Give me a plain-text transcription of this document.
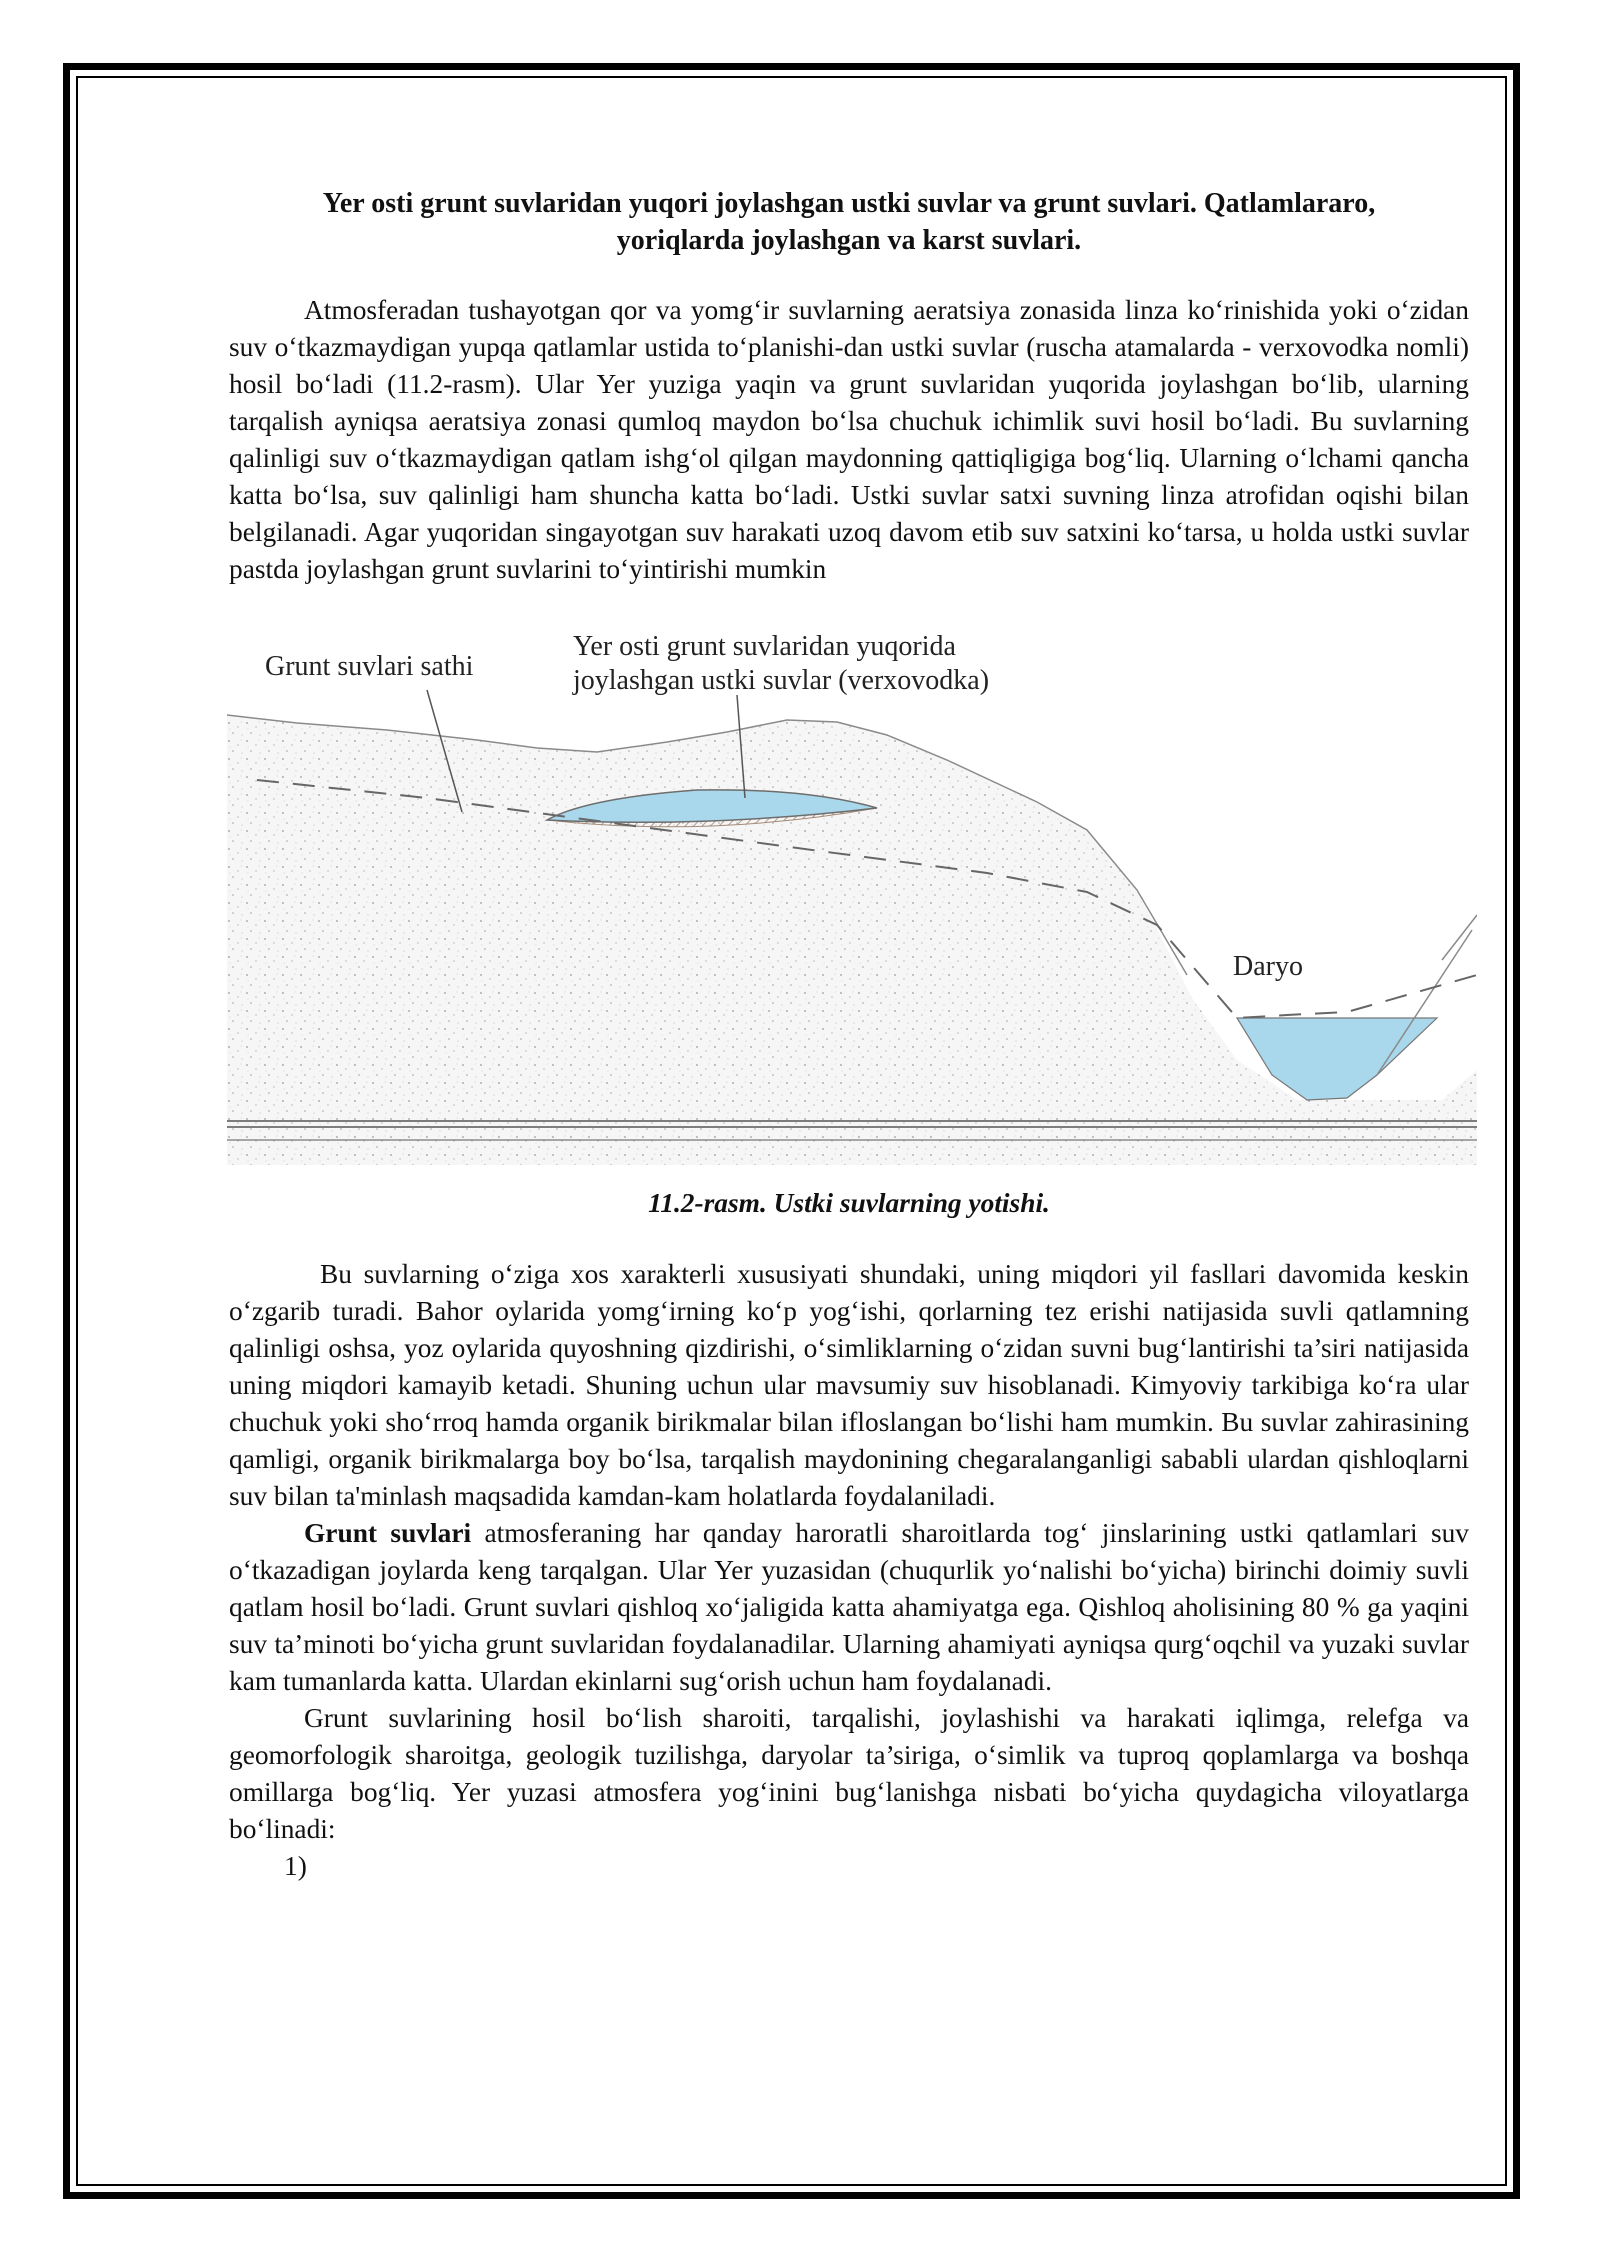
Yer osti grunt suvlaridan yuqori joylashgan ustki suvlar va grunt suvlari. Qatlamlararo,
yoriqlarda joylashgan va karst suvlari.

Atmosferadan tushayotgan qor va yomg‘ir suvlarning aeratsiya zonasida linza ko‘rinishida yoki o‘zidan suv o‘tkazmaydigan yupqa qatlamlar ustida to‘planishi-dan ustki suvlar (ruscha atamalarda - verxovodka nomli) hosil bo‘ladi (11.2-rasm). Ular Yer yuziga yaqin va grunt suvlaridan yuqorida joylashgan bo‘lib, ularning tarqalish ayniqsa aeratsiya zonasi qumloq maydon bo‘lsa chuchuk ichimlik suvi hosil bo‘ladi. Bu suvlarning qalinligi suv o‘tkazmaydigan qatlam ishg‘ol qilgan maydonning qattiqligiga bog‘liq. Ularning o‘lchami qancha katta bo‘lsa, suv qalinligi ham shuncha katta bo‘ladi. Ustki suvlar satxi suvning linza atrofidan oqishi bilan belgilanadi. Agar yuqoridan singayotgan suv harakati uzoq davom etib suv satxini ko‘tarsa, u holda ustki suvlar pastda joylashgan grunt suvlarini to‘yintirishi mumkin

Grunt suvlari sathi
Yer osti grunt suvlaridan yuqorida
joylashgan ustki suvlar (verxovodka)
Daryo
11.2-rasm. Ustki suvlarning yotishi.

Bu suvlarning o‘ziga xos xarakterli xususiyati shundaki, uning miqdori yil fasllari davomida keskin o‘zgarib turadi. Bahor oylarida yomg‘irning ko‘p yog‘ishi, qorlarning tez erishi natijasida suvli qatlamning qalinligi oshsa, yoz oylarida quyoshning qizdirishi, o‘simliklarning o‘zidan suvni bug‘lantirishi ta’siri natijasida uning miqdori kamayib ketadi. Shuning uchun ular mavsumiy suv hisoblanadi. Kimyoviy tarkibiga ko‘ra ular chuchuk yoki sho‘rroq hamda organik birikmalar bilan ifloslangan bo‘lishi ham mumkin. Bu suvlar zahirasining qamligi, organik birikmalarga boy bo‘lsa, tarqalish maydonining chegaralanganligi sababli ulardan qishloqlarni suv bilan ta'minlash maqsadida kamdan-kam holatlarda foydalaniladi.

Grunt suvlari atmosferaning har qanday haroratli sharoitlarda tog‘ jinslarining ustki qatlamlari suv o‘tkazadigan joylarda keng tarqalgan. Ular Yer yuzasidan (chuqurlik yo‘nalishi bo‘yicha) birinchi doimiy suvli qatlam hosil bo‘ladi. Grunt suvlari qishloq xo‘jaligida katta ahamiyatga ega. Qishloq aholisining 80 % ga yaqini suv ta’minoti bo‘yicha grunt suvlaridan foydalanadilar. Ularning ahamiyati ayniqsa qurg‘oqchil va yuzaki suvlar kam tumanlarda katta. Ulardan ekinlarni sug‘orish uchun ham foydalanadi.

Grunt suvlarining hosil bo‘lish sharoiti, tarqalishi, joylashishi va harakati iqlimga, relefga va geomorfologik sharoitga, geologik tuzilishga, daryolar ta’siriga, o‘simlik va tuproq qoplamlarga va boshqa omillarga bog‘liq. Yer yuzasi atmosfera yog‘inini bug‘lanishga nisbati bo‘yicha quydagicha viloyatlarga bo‘linadi:

1)
